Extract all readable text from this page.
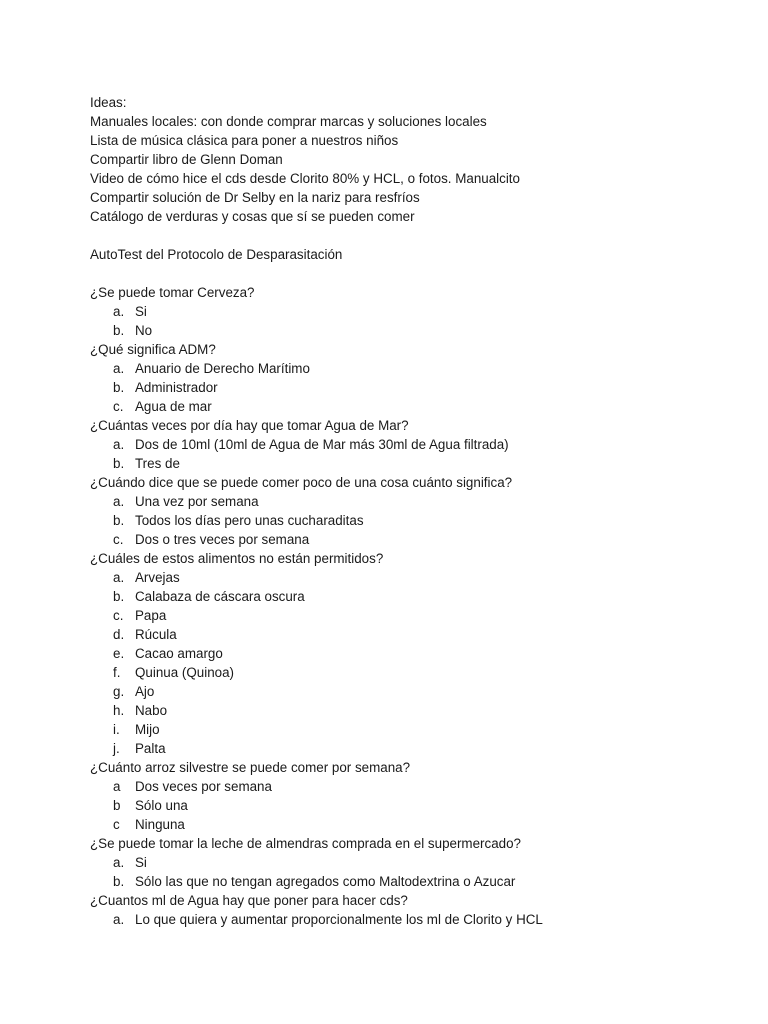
Ideas:
Manuales locales: con donde comprar marcas y soluciones locales
Lista de música clásica para poner a nuestros niños
Compartir libro de Glenn Doman
Video de cómo hice el cds desde Clorito 80% y HCL, o fotos. Manualcito
Compartir solución de Dr Selby en la nariz para resfríos
Catálogo de verduras y cosas que sí se pueden comer
AutoTest del Protocolo de Desparasitación
¿Se puede tomar Cerveza?
a. Si
b. No
¿Qué significa ADM?
a. Anuario de Derecho Marítimo
b. Administrador
c. Agua de mar
¿Cuántas veces por día hay que tomar Agua de Mar?
a. Dos de 10ml (10ml de Agua de Mar más 30ml de Agua filtrada)
b. Tres de
¿Cuándo dice que se puede comer poco de una cosa cuánto significa?
a. Una vez por semana
b. Todos los días pero unas cucharaditas
c. Dos o tres veces por semana
¿Cuáles de estos alimentos no están permitidos?
a. Arvejas
b. Calabaza de cáscara oscura
c. Papa
d. Rúcula
e. Cacao amargo
f. Quinua (Quinoa)
g. Ajo
h. Nabo
i. Mijo
j. Palta
¿Cuánto arroz silvestre se puede comer por semana?
a Dos veces por semana
b Sólo una
c Ninguna
¿Se puede tomar la leche de almendras comprada en el supermercado?
a. Si
b. Sólo las que no tengan agregados como Maltodextrina o Azucar
¿Cuantos ml de Agua hay que poner para hacer cds?
a. Lo que quiera y aumentar proporcionalmente los ml de Clorito y HCL
